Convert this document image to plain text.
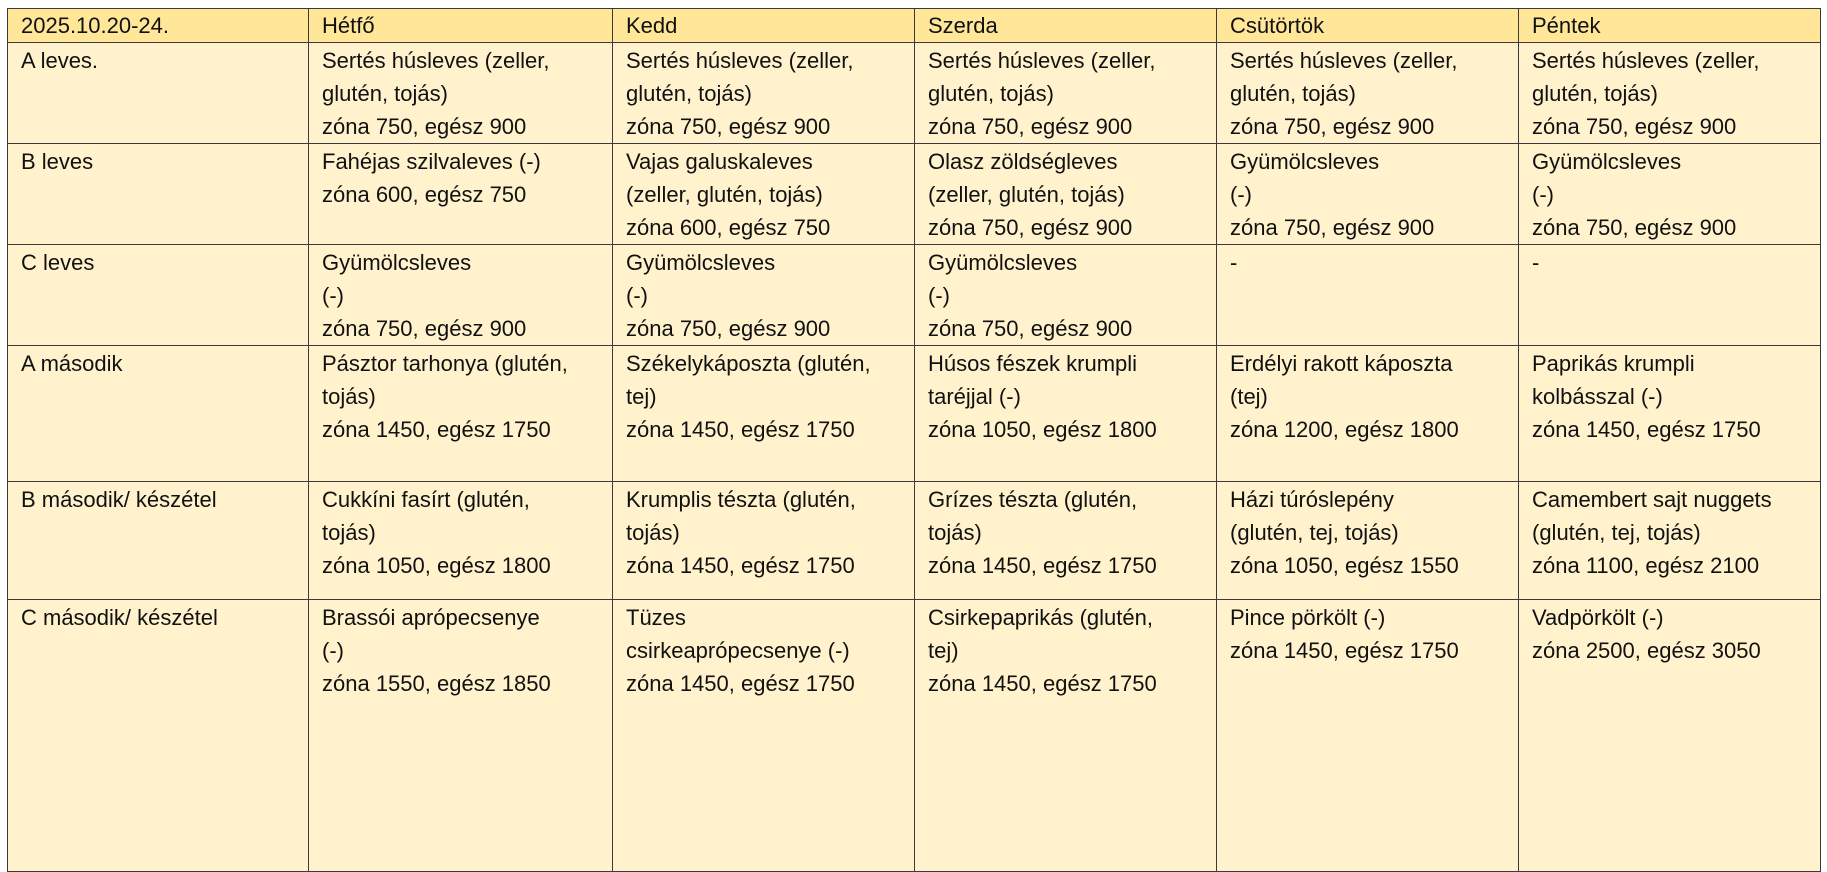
2025.10.20-24.	Hétfő	Kedd	Szerda	Csütörtök	Péntek
A leves.	Sertés húsleves (zeller,
glutén, tojás)
zóna 750, egész 900	Sertés húsleves (zeller,
glutén, tojás)
zóna 750, egész 900	Sertés húsleves (zeller,
glutén, tojás)
zóna 750, egész 900	Sertés húsleves (zeller,
glutén, tojás)
zóna 750, egész 900	Sertés húsleves (zeller,
glutén, tojás)
zóna 750, egész 900

B leves	Fahéjas szilvaleves (-)
zóna 600, egész 750	Vajas galuskaleves
(zeller, glutén, tojás)
zóna 600, egész 750	Olasz zöldségleves
(zeller, glutén, tojás)
zóna 750, egész 900	Gyümölcsleves
(-)
zóna 750, egész 900	Gyümölcsleves
(-)
zóna 750, egész 900

C leves	Gyümölcsleves
(-)
zóna 750, egész 900	Gyümölcsleves
(-)
zóna 750, egész 900	Gyümölcsleves
(-)
zóna 750, egész 900	-	-

A második	Pásztor tarhonya (glutén,
tojás)
zóna 1450, egész 1750	Székelykáposzta (glutén,
tej)
zóna 1450, egész 1750	Húsos fészek krumpli
taréjjal (-)
zóna 1050, egész 1800	Erdélyi rakott káposzta
(tej)
zóna 1200, egész 1800	Paprikás krumpli
kolbásszal (-)
zóna 1450, egész 1750

B második/ készétel	Cukkíni fasírt (glutén,
tojás)
zóna 1050, egész 1800	Krumplis tészta (glutén,
tojás)
zóna 1450, egész 1750	Grízes tészta (glutén,
tojás)
zóna 1450, egész 1750	Házi túróslepény
(glutén, tej, tojás)
zóna 1050, egész 1550	Camembert sajt nuggets
(glutén, tej, tojás)
zóna 1100, egész 2100

C második/ készétel	Brassói aprópecsenye
(-)
zóna 1550, egész 1850	Tüzes
csirkeaprópecsenye (-)
zóna 1450, egész 1750	Csirkepaprikás (glutén,
tej)
zóna 1450, egész 1750	Pince pörkölt (-)
zóna 1450, egész 1750	Vadpörkölt (-)
zóna 2500, egész 3050
